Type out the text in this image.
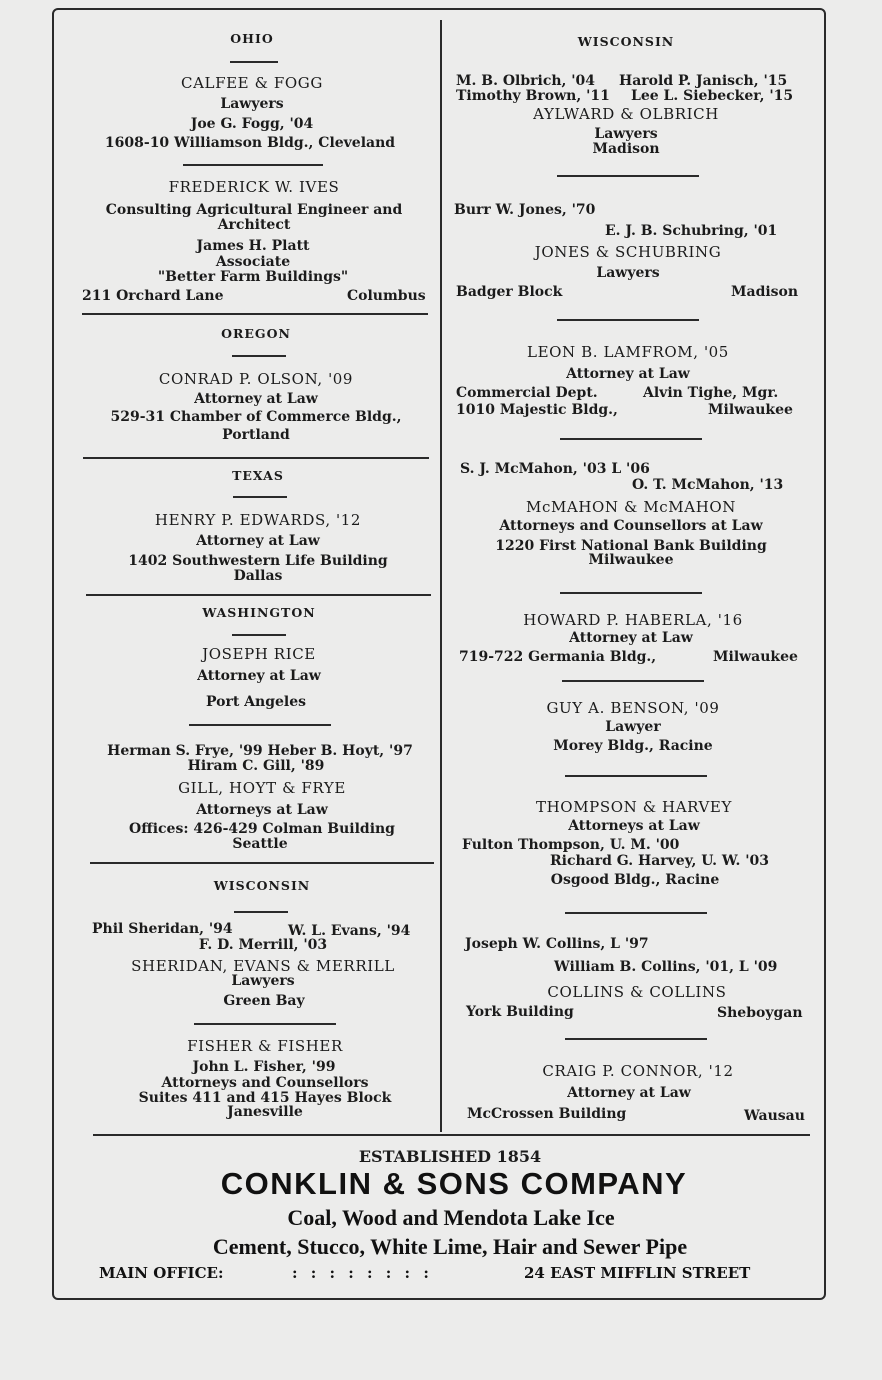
OHIO
CALFEE & FOGG
Lawyers
Joe G. Fogg, '04
1608-10 Williamson Bldg., Cleveland
FREDERICK W. IVES
Consulting Agricultural Engineer and
Architect
James H. Platt
Associate
"Better Farm Buildings"
211 Orchard Lane	Columbus
OREGON
CONRAD P. OLSON, '09
Attorney at Law
529-31 Chamber of Commerce Bldg.,
Portland
TEXAS
HENRY P. EDWARDS, '12
Attorney at Law
1402 Southwestern Life Building
Dallas
WASHINGTON
JOSEPH RICE
Attorney at Law
Port Angeles
Herman S. Frye, '99 Heber B. Hoyt, '97
Hiram C. Gill, '89
GILL, HOYT & FRYE
Attorneys at Law
Offices: 426-429 Colman Building
Seattle
WISCONSIN
Phil Sheridan, '94	W. L. Evans, '94
F. D. Merrill, '03
SHERIDAN, EVANS & MERRILL
Lawyers
Green Bay
FISHER & FISHER
John L. Fisher, '99
Attorneys and Counsellors
Suites 411 and 415 Hayes Block
Janesville
WISCONSIN
M. B. Olbrich, '04 Harold P. Janisch, '15
Timothy Brown, '11 Lee L. Siebecker, '15
AYLWARD & OLBRICH
Lawyers
Madison
Burr W. Jones, '70
E. J. B. Schubring, '01
JONES & SCHUBRING
Lawyers
Badger Block	Madison
LEON B. LAMFROM, '05
Attorney at Law
Commercial Dept.	Alvin Tighe, Mgr.
1010 Majestic Bldg.,	Milwaukee
S. J. McMahon, '03 L '06
O. T. McMahon, '13
McMAHON & McMAHON
Attorneys and Counsellors at Law
1220 First National Bank Building
Milwaukee
HOWARD P. HABERLA, '16
Attorney at Law
719-722 Germania Bldg.,	Milwaukee
GUY A. BENSON, '09
Lawyer
Morey Bldg., Racine
THOMPSON & HARVEY
Attorneys at Law
Fulton Thompson, U. M. '00
Richard G. Harvey, U. W. '03
Osgood Bldg., Racine
Joseph W. Collins, L '97
William B. Collins, '01, L '09
COLLINS & COLLINS
York Building	Sheboygan
CRAIG P. CONNOR, '12
Attorney at Law
McCrossen Building	Wausau
ESTABLISHED 1854
CONKLIN & SONS COMPANY
Coal, Wood and Mendota Lake Ice
Cement, Stucco, White Lime, Hair and Sewer Pipe
MAIN OFFICE:	: : : : : : : :	24 EAST MIFFLIN STREET
